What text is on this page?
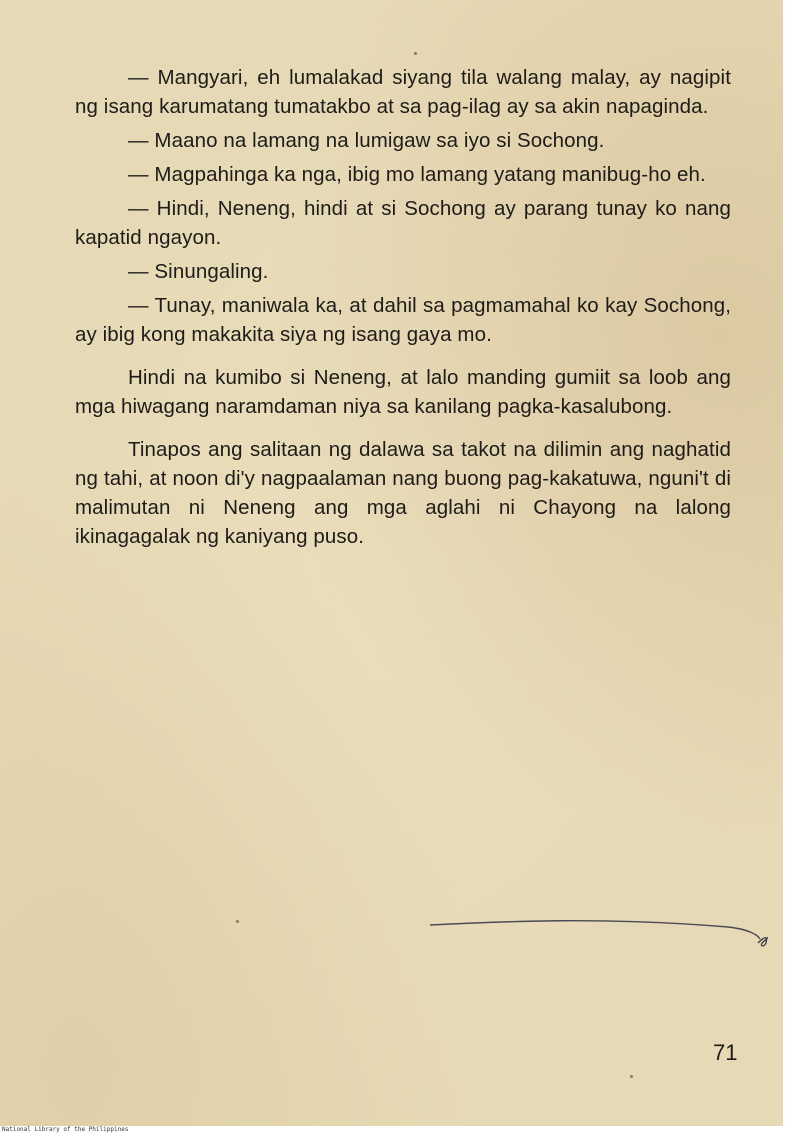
— Mangyari, eh lumalakad siyang tila walang malay, ay nagipit ng isang karumatang tumatakbo at sa pag-ilag ay sa akin napaginda.

— Maano na lamang na lumigaw sa iyo si Sochong.

— Magpahinga ka nga, ibig mo lamang yatang manibug-ho eh.

— Hindi, Neneng, hindi at si Sochong ay parang tunay ko nang kapatid ngayon.

— Sinungaling.

— Tunay, maniwala ka, at dahil sa pagmamahal ko kay Sochong, ay ibig kong makakita siya ng isang gaya mo.

Hindi na kumibo si Neneng, at lalo manding gumiit sa loob ang mga hiwagang naramdaman niya sa kanilang pagka-kasalubong.

Tinapos ang salitaan ng dalawa sa takot na dilimin ang naghatid ng tahi, at noon di'y nagpaalaman nang buong pag-kakatuwa, nguni't di malimutan ni Neneng ang mga aglahi ni Chayong na lalong ikinagagalak ng kaniyang puso.

71
National Library of the Philippines
